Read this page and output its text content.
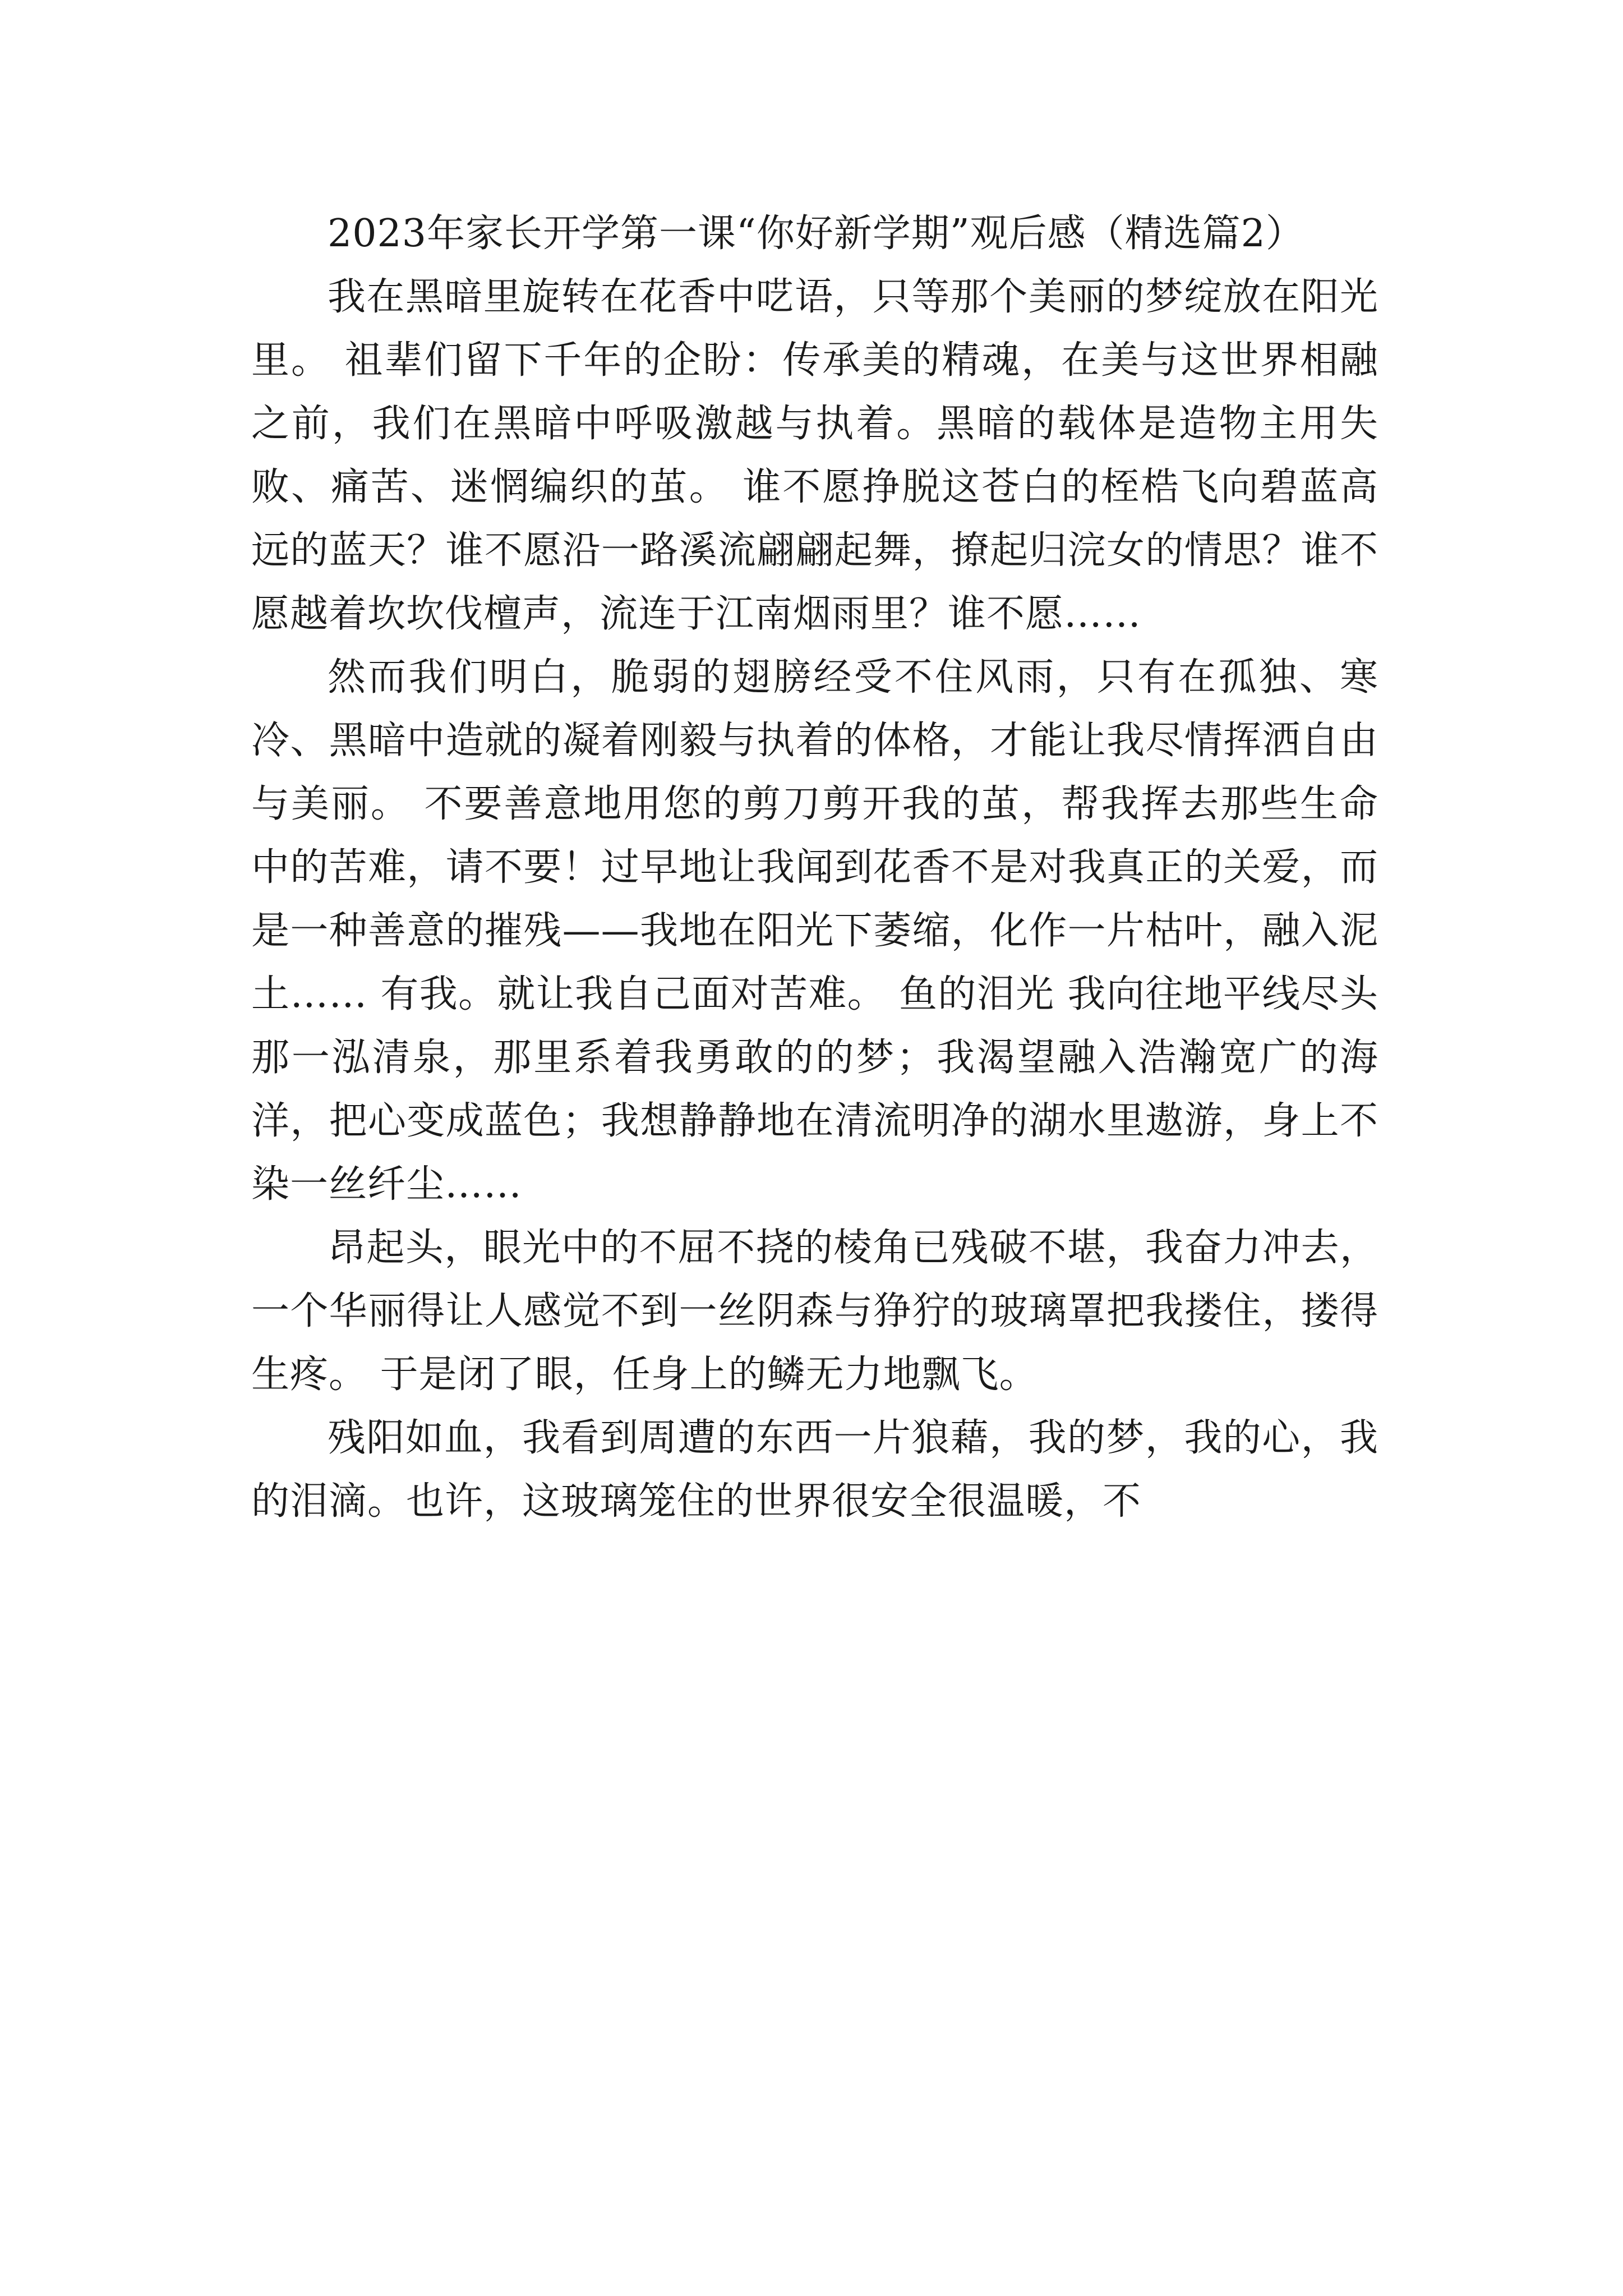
2023年家长开学第一课“你好新学期”观后感（精选篇2）

我在黑暗里旋转在花香中呓语，只等那个美丽的梦绽放在阳光里。 祖辈们留下千年的企盼：传承美的精魂，在美与这世界相融之前，我们在黑暗中呼吸激越与执着。黑暗的载体是造物主用失败、痛苦、迷惘编织的茧。 谁不愿挣脱这苍白的桎梏飞向碧蓝高远的蓝天？谁不愿沿一路溪流翩翩起舞，撩起归浣女的情思？谁不愿越着坎坎伐檀声，流连于江南烟雨里？谁不愿……

然而我们明白，脆弱的翅膀经受不住风雨，只有在孤独、寒冷、黑暗中造就的凝着刚毅与执着的体格，才能让我尽情挥洒自由与美丽。 不要善意地用您的剪刀剪开我的茧，帮我挥去那些生命中的苦难，请不要！过早地让我闻到花香不是对我真正的关爱，而是一种善意的摧残——我地在阳光下萎缩，化作一片枯叶，融入泥土…… 有我。就让我自己面对苦难。 鱼的泪光 我向往地平线尽头那一泓清泉，那里系着我勇敢的的梦；我渴望融入浩瀚宽广的海洋，把心变成蓝色；我想静静地在清流明净的湖水里遨游，身上不染一丝纤尘……

昂起头，眼光中的不屈不挠的棱角已残破不堪，我奋力冲去，一个华丽得让人感觉不到一丝阴森与狰狞的玻璃罩把我搂住，搂得生疼。 于是闭了眼，任身上的鳞无力地飘飞。

残阳如血，我看到周遭的东西一片狼藉，我的梦，我的心，我的泪滴。也许，这玻璃笼住的世界很安全很温暖，不
